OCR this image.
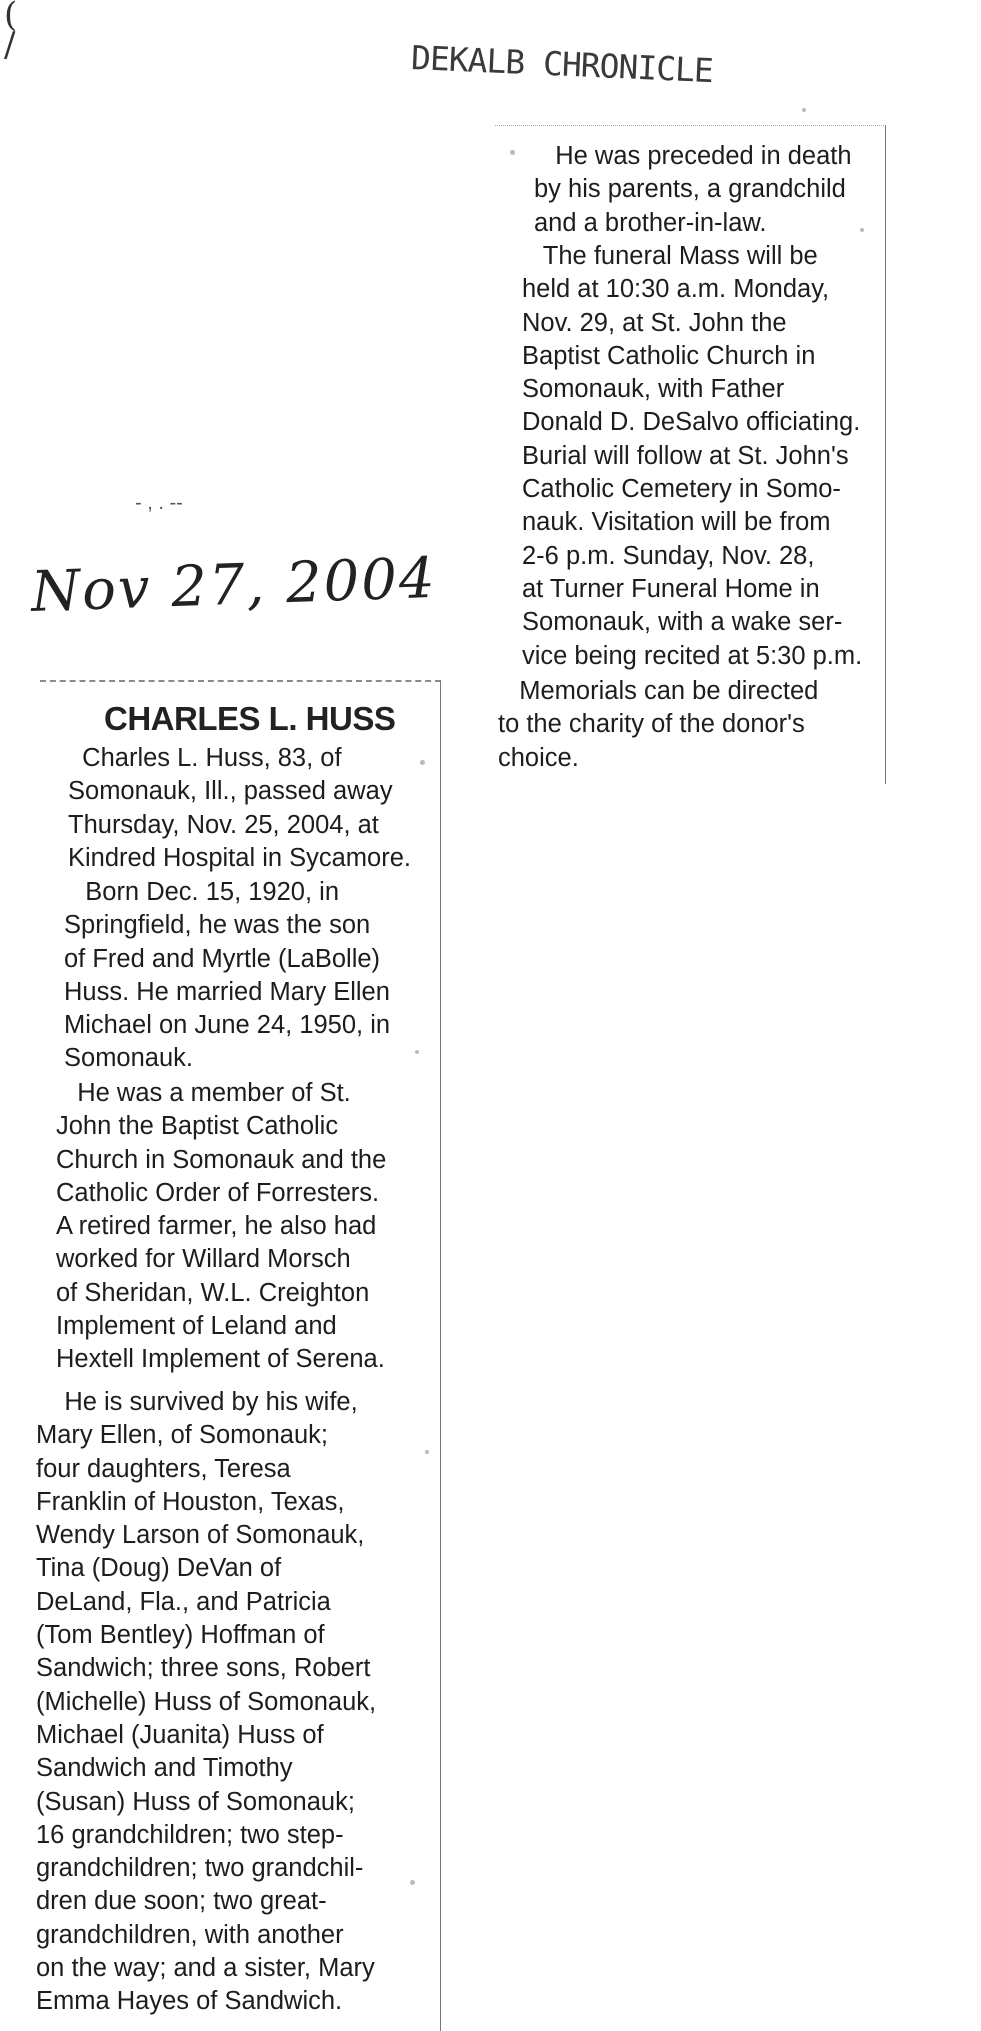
(
/	DEKALB CHRONICLE
- , . --
Nov 27, 2004
CHARLES L. HUSS

Charles L. Huss, 83, of
Somonauk, Ill., passed away
Thursday, Nov. 25, 2004, at
Kindred Hospital in Sycamore.

Born Dec. 15, 1920, in
Springfield, he was the son
of Fred and Myrtle (LaBolle)
Huss. He married Mary Ellen
Michael on June 24, 1950, in
Somonauk.

He was a member of St.
John the Baptist Catholic
Church in Somonauk and the
Catholic Order of Forresters.
A retired farmer, he also had
worked for Willard Morsch
of Sheridan, W.L. Creighton
Implement of Leland and
Hextell Implement of Serena.

He is survived by his wife,
Mary Ellen, of Somonauk;
four daughters, Teresa
Franklin of Houston, Texas,
Wendy Larson of Somonauk,
Tina (Doug) DeVan of
DeLand, Fla., and Patricia
(Tom Bentley) Hoffman of
Sandwich; three sons, Robert
(Michelle) Huss of Somonauk,
Michael (Juanita) Huss of
Sandwich and Timothy
(Susan) Huss of Somonauk;
16 grandchildren; two step-
grandchildren; two grandchil-
dren due soon; two great-
grandchildren, with another
on the way; and a sister, Mary
Emma Hayes of Sandwich.

He was preceded in death
by his parents, a grandchild
and a brother-in-law.

The funeral Mass will be
held at 10:30 a.m. Monday,
Nov. 29, at St. John the
Baptist Catholic Church in
Somonauk, with Father
Donald D. DeSalvo officiating.
Burial will follow at St. John's
Catholic Cemetery in Somo-
nauk. Visitation will be from
2-6 p.m. Sunday, Nov. 28,
at Turner Funeral Home in
Somonauk, with a wake ser-
vice being recited at 5:30 p.m.

Memorials can be directed
to the charity of the donor's
choice.
